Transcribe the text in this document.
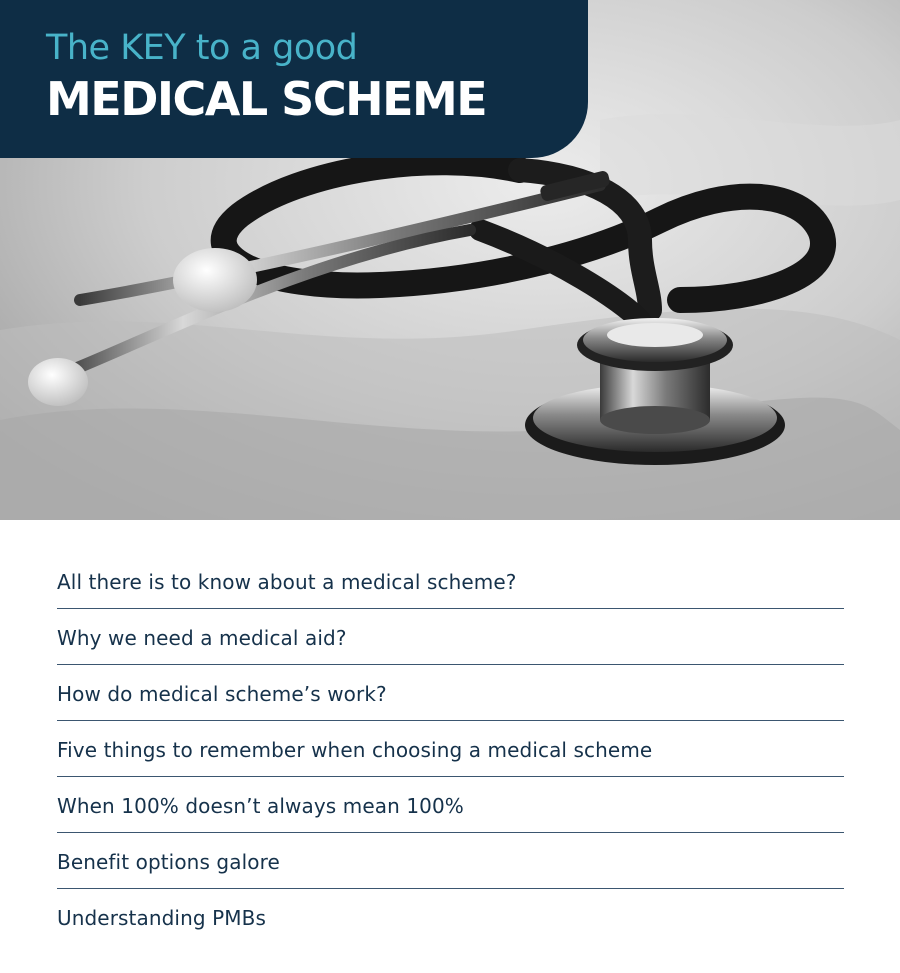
The KEY to a good
MEDICAL SCHEME
All there is to know about a medical scheme?
Why we need a medical aid?
How do medical scheme’s work?
Five things to remember when choosing a medical scheme
When 100% doesn’t always mean 100%
Benefit options galore
Understanding PMBs
